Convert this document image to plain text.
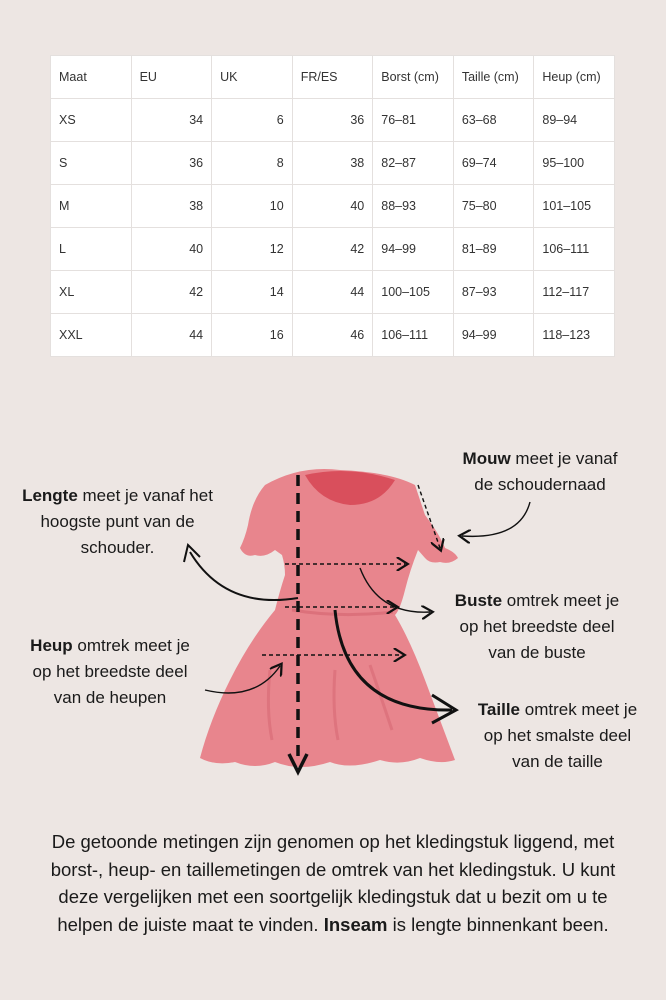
Maat	EU	UK	FR/ES	Borst (cm)	Taille (cm)	Heup (cm)
XS	34	6	36	76–81	63–68	89–94
S	36	8	38	82–87	69–74	95–100
M	38	10	40	88–93	75–80	101–105
L	40	12	42	94–99	81–89	106–111
XL	42	14	44	100–105	87–93	112–117
XXL	44	16	46	106–111	94–99	118–123
Lengte meet je vanaf het
hoogste punt van de
schouder.
Mouw meet je vanaf
de schoudernaad
Buste omtrek meet je
op het breedste deel
van de buste
Heup omtrek meet je
op het breedste deel
van de heupen
Taille omtrek meet je
op het smalste deel
van de taille
De getoonde metingen zijn genomen op het kledingstuk liggend, met borst-, heup- en taillemetingen de omtrek van het kledingstuk. U kunt deze vergelijken met een soortgelijk kledingstuk dat u bezit om u te helpen de juiste maat te vinden. Inseam is lengte binnenkant been.
